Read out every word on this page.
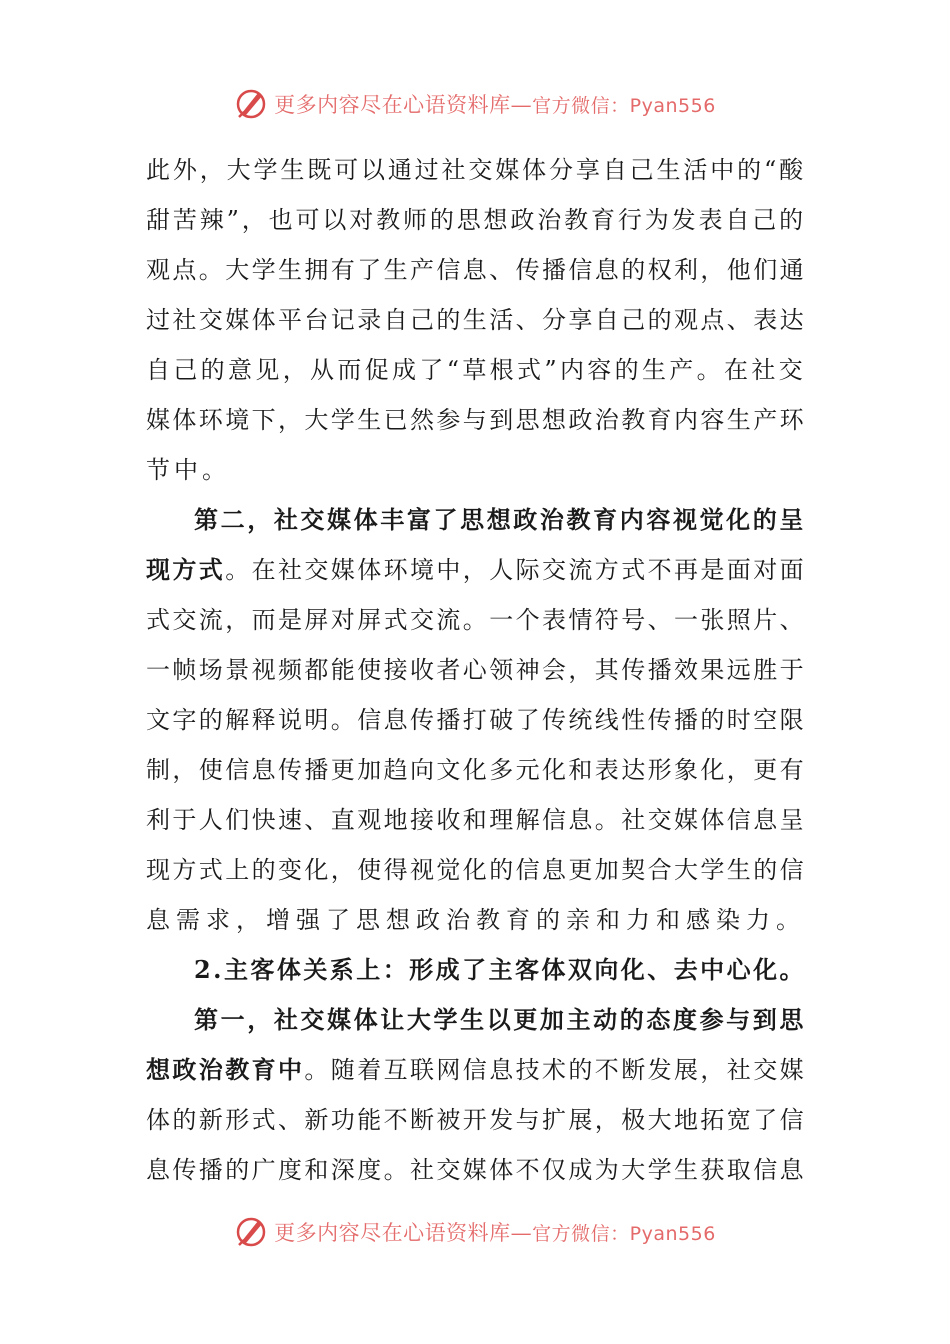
更多内容尽在心语资料库— 官方微信：Pyan556
此外，大学生既可以通过社交媒体分享自己生活中的“酸
甜苦辣”，也可以对教师的思想政治教育行为发表自己的
观点。大学生拥有了生产信息、传播信息的权利，他们通
过社交媒体平台记录自己的生活、分享自己的观点、表达
自己的意见，从而促成了“草根式”内容的生产。在社交
媒体环境下，大学生已然参与到思想政治教育内容生产环
节中。
第二，社交媒体丰富了思想政治教育内容视觉化的呈
现方式。在社交媒体环境中，人际交流方式不再是面对面
式交流，而是屏对屏式交流。一个表情符号、一张照片、
一帧场景视频都能使接收者心领神会，其传播效果远胜于
文字的解释说明。信息传播打破了传统线性传播的时空限
制，使信息传播更加趋向文化多元化和表达形象化，更有
利于人们快速、直观地接收和理解信息。社交媒体信息呈
现方式上的变化，使得视觉化的信息更加契合大学生的信
息需求，增强了思想政治教育的亲和力和感染力。
2.主客体关系上：形成了主客体双向化、去中心化。
第一，社交媒体让大学生以更加主动的态度参与到思
想政治教育中。随着互联网信息技术的不断发展，社交媒
体的新形式、新功能不断被开发与扩展，极大地拓宽了信
息传播的广度和深度。社交媒体不仅成为大学生获取信息
更多内容尽在心语资料库— 官方微信：Pyan556
